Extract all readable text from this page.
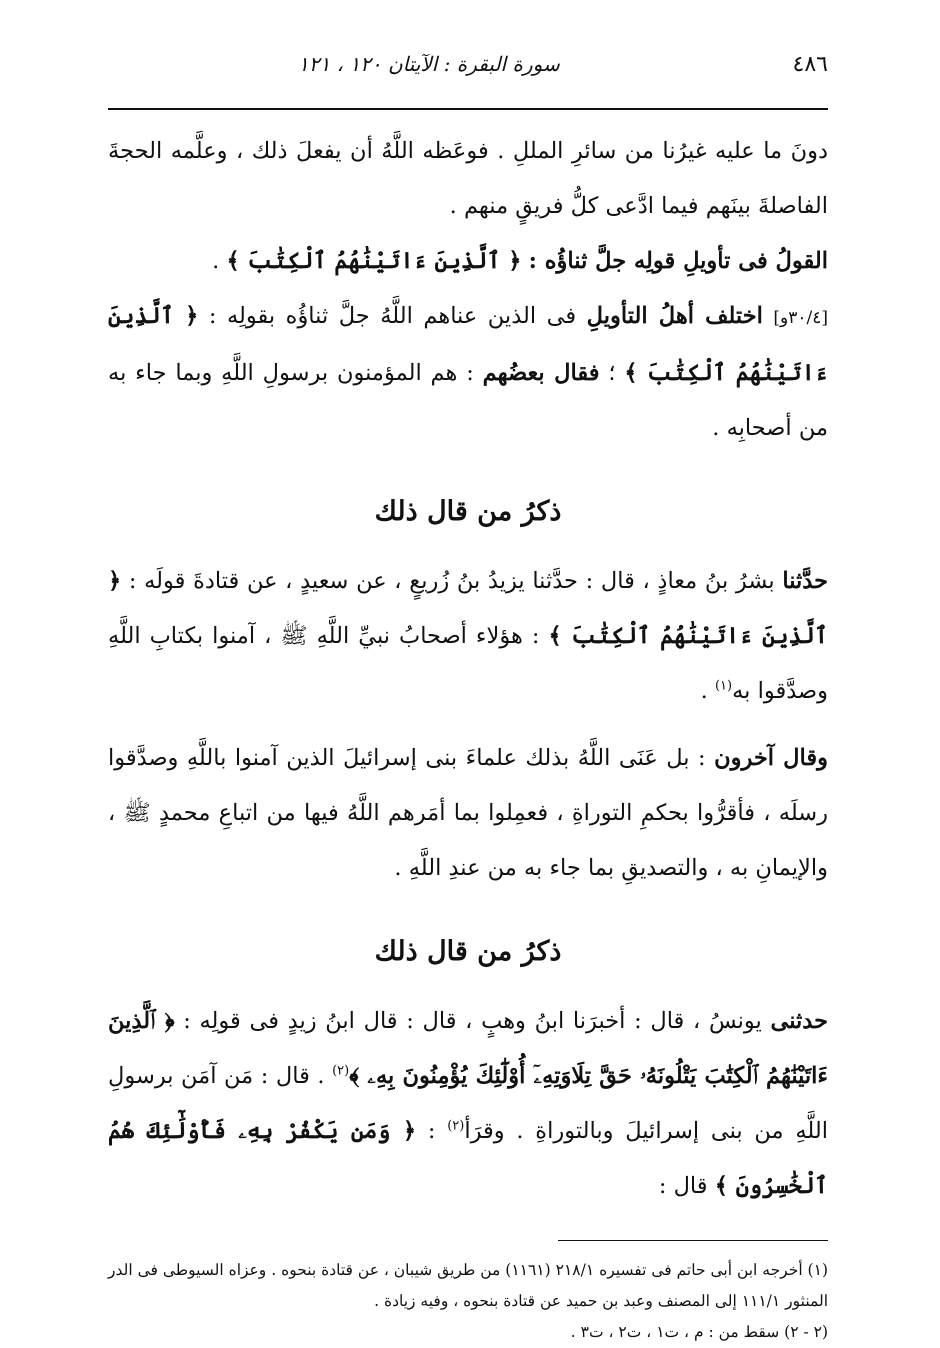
٤٨٦
سورة البقرة : الآيتان ١٢٠ ، ١٢١

دونَ ما عليه غيرُنا من سائرِ المللِ . فوعَظه اللَّهُ أن يفعلَ ذلك ، وعلَّمه الحجةَ الفاصلةَ بينَهم فيما ادَّعى كلُّ فريقٍ منهم .

القولُ فى تأويلِ قولِه جلَّ ثناؤُه : ﴿ ٱلَّذِينَ ءَاتَيْنَٰهُمُ ٱلْكِتَٰبَ ﴾ .

[٣٠/٤و] اختلف أهلُ التأويلِ فى الذين عناهم اللَّهُ جلَّ ثناؤُه بقولِه : ﴿ ٱلَّذِينَ ءَاتَيْنَٰهُمُ ٱلْكِتَٰبَ ﴾ ؛ فقال بعضُهم : هم المؤمنون برسولِ اللَّهِ وبما جاء به من أصحابِه .

ذكرُ من قال ذلك

حدَّثنا بشرُ بنُ معاذٍ ، قال : حدَّثنا يزيدُ بنُ زُريعٍ ، عن سعيدٍ ، عن قتادةَ قولَه : ﴿ ٱلَّذِينَ ءَاتَيْنَٰهُمُ ٱلْكِتَٰبَ ﴾ : هؤلاء أصحابُ نبيِّ اللَّهِ ﷺ ، آمنوا بكتابِ اللَّهِ وصدَّقوا به$^{(١)}$ .

وقال آخرون : بل عَنَى اللَّهُ بذلك علماءَ بنى إسرائيلَ الذين آمنوا باللَّهِ وصدَّقوا رسلَه ، فأقرُّوا بحكمِ التوراةِ ، فعمِلوا بما أمَرهم اللَّهُ فيها من اتباعِ محمدٍ ﷺ ، والإيمانِ به ، والتصديقِ بما جاء به من عندِ اللَّهِ .

ذكرُ من قال ذلك

حدثنى يونسُ ، قال : أخبرَنا ابنُ وهبٍ ، قال : قال ابنُ زيدٍ فى قولِه : ﴿ ٱلَّذِينَ ءَاتَيْنَٰهُمُ ٱلْكِتَٰبَ يَتْلُونَهُۥ حَقَّ تِلَاوَتِهِۦٓ أُوْلَٰٓئِكَ يُؤْمِنُونَ بِهِۦ ﴾$^{(٢)}$ . قال : مَن آمَن برسولِ اللَّهِ من بنى إسرائيلَ وبالتوراةِ . وقرَأ$^{(٢)}$ : ﴿ وَمَن يَكْفُرْ بِهِۦ فَأُوْلَٰٓئِكَ هُمُ ٱلْخَٰسِرُونَ ﴾ قال :

(١) أخرجه ابن أبى حاتم فى تفسيره ٢١٨/١ (١١٦١) من طريق شيبان ، عن قتادة بنحوه . وعزاه السيوطى فى الدر المنثور ١١١/١ إلى المصنف وعبد بن حميد عن قتادة بنحوه ، وفيه زيادة .

(٢ - ٢) سقط من : م ، ت١ ، ت٢ ، ت٣ .
